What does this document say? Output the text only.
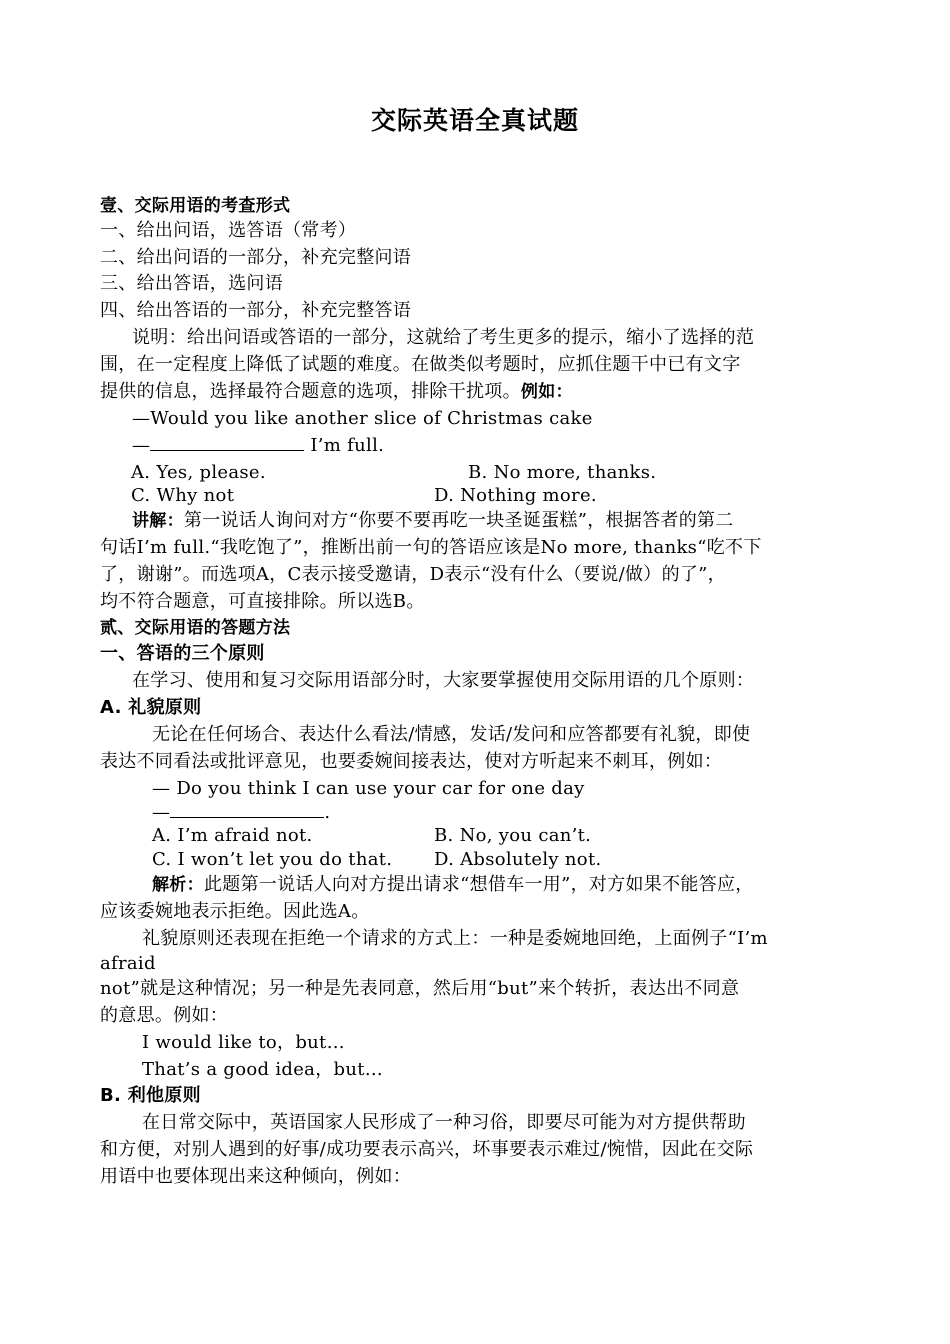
交际英语全真试题
壹、交际用语的考查形式
一、给出问语，选答语（常考）
二、给出问语的一部分，补充完整问语
三、给出答语，选问语
四、给出答语的一部分，补充完整答语
说明：给出问语或答语的一部分，这就给了考生更多的提示，缩小了选择的范
围，在一定程度上降低了试题的难度。在做类似考题时，应抓住题干中已有文字
提供的信息，选择最符合题意的选项，排除干扰项。例如：
—Would you like another slice of Christmas cake
—	I’m full.
A. Yes, please.	B. No more, thanks.
C. Why not	D. Nothing more.
讲解：第一说话人询问对方“你要不要再吃一块圣诞蛋糕”，根据答者的第二
句话I’m full.“我吃饱了”，推断出前一句的答语应该是No more, thanks“吃不下
了，谢谢”。而选项A，C表示接受邀请，D表示“没有什么（要说/做）的了”，
均不符合题意，可直接排除。所以选B。
贰、交际用语的答题方法
一、答语的三个原则
在学习、使用和复习交际用语部分时，大家要掌握使用交际用语的几个原则：
A. 礼貌原则
无论在任何场合、表达什么看法/情感，发话/发问和应答都要有礼貌，即使
表达不同看法或批评意见，也要委婉间接表达，使对方听起来不刺耳，例如：
— Do you think I can use your car for one day
—	.
A. I’m afraid not.	B. No, you can’t.
C. I won’t let you do that. D. Absolutely not.
解析：此题第一说话人向对方提出请求“想借车一用”，对方如果不能答应，
应该委婉地表示拒绝。因此选A。
礼貌原则还表现在拒绝一个请求的方式上：一种是委婉地回绝，上面例子“I’m
afraid
not”就是这种情况；另一种是先表同意，然后用“but”来个转折，表达出不同意
的意思。例如：
I would like to，but…
That’s a good idea，but…
B. 利他原则
在日常交际中，英语国家人民形成了一种习俗，即要尽可能为对方提供帮助
和方便，对别人遇到的好事/成功要表示高兴，坏事要表示难过/惋惜，因此在交际
用语中也要体现出来这种倾向，例如：
